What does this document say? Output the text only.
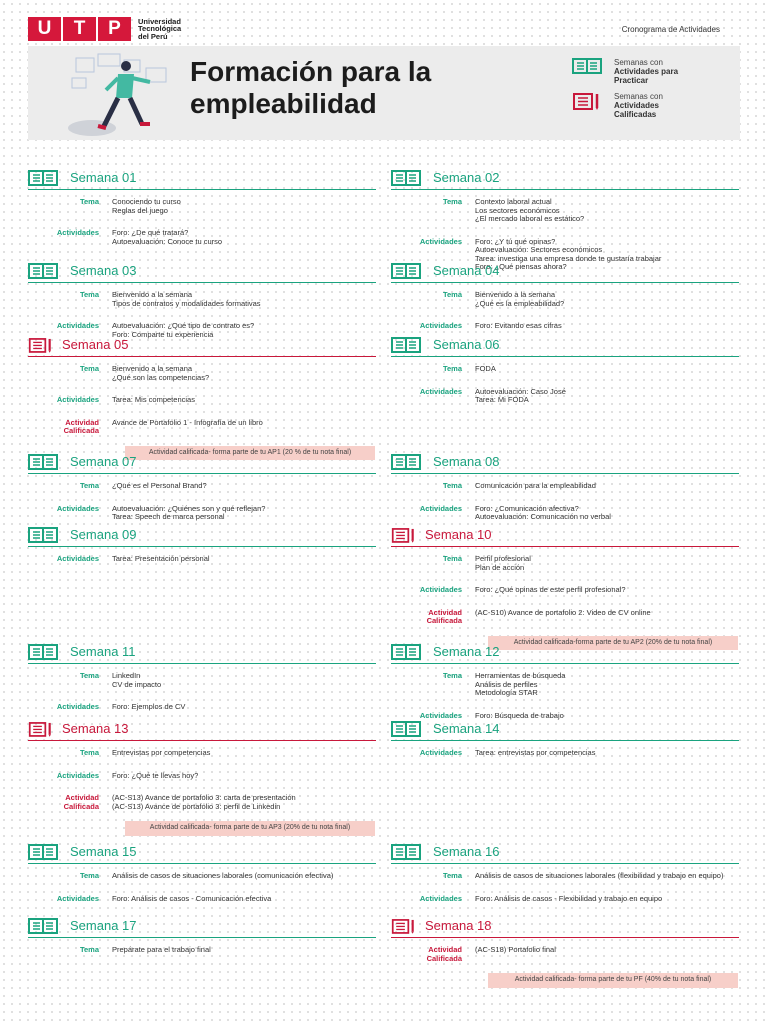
U	T	P	Universidad
Tecnológica
del Perú
Cronograma de Actividades
Formación para la
empleabilidad
Semanas con
Actividades para
Practicar
Semanas con
Actividades
Calificadas
Semana 01
Tema	Conociendo tu curso
Reglas del juego
Actividades	Foro: ¿De qué tratará?
Autoevaluación: Conoce tu curso
Semana 02
Tema	Contexto laboral actual
Los sectores económicos
¿El mercado laboral es estático?
Actividades	Foro: ¿Y tú qué opinas?
Autoevaluación: Sectores económicos
Tarea: investiga una empresa donde te gustaría trabajar
Foro: ¿Qué piensas ahora?
Semana 03
Tema	Bienvenido a la semana
Tipos de contratos y modalidades formativas
Actividades	Autoevaluación: ¿Qué tipo de contrato es?
Foro: Comparte tu experiencia
Semana 04
Tema	Bienvenido a la semana
¿Qué es la empleabilidad?
Actividades	Foro: Evitando esas cifras
Semana 05
Tema	Bienvenido a la semana
¿Qué son las competencias?
Actividades	Tarea: Mis competencias
Actividad Calificada
Avance de Portafolio 1 - Infografía de un libro
Actividad calificada- forma parte de tu AP1 (20 % de tu nota final)
Semana 06
Tema	FODA
Actividades	Autoevaluación: Caso José
Tarea: Mi FODA
Semana 07
Tema	¿Qué es el Personal Brand?
Actividades	Autoevaluación: ¿Quiénes son y qué reflejan?
Tarea: Speech de marca personal
Semana 08
Tema	Comunicación para la empleabilidad
Actividades	Foro: ¿Comunicación afectiva?
Autoevaluación: Comunicación no verbal
Semana 09
Actividades	Tarea: Presentación personal
Semana 10
Tema	Perfil profesional
Plan de acción
Actividades	Foro: ¿Qué opinas de este perfil profesional?
Actividad Calificada
(AC-S10) Avance de portafolio 2: Video de CV online
Actividad calificada-forma parte de tu AP2 (20% de tu nota final)
Semana 11
Tema	LinkedIn
CV de impacto
Actividades	Foro: Ejemplos de CV
Semana 12
Tema	Herramientas de búsqueda
Análisis de perfiles
Metodología STAR
Actividades	Foro: Búsqueda de trabajo
Semana 13
Tema	Entrevistas por competencias
Actividades	Foro: ¿Qué te llevas hoy?
Actividad Calificada
(AC-S13) Avance de portafolio 3: carta de presentación
(AC-S13) Avance de portafolio 3: perfil de Linkedin
Actividad calificada- forma parte de tu AP3 (20% de tu nota final)
Semana 14
Actividades	Tarea: entrevistas por competencias
Semana 15
Tema	Análisis de casos de situaciones laborales (comunicación efectiva)
Actividades	Foro: Análisis de casos - Comunicación efectiva
Semana 16
Tema	Análisis de casos de situaciones laborales (flexibilidad y trabajo en equipo)
Actividades	Foro: Análisis de casos - Flexibilidad y trabajo en equipo
Semana 17
Tema	Prepárate para el trabajo final
Semana 18
Actividad Calificada
(AC-S18) Portafolio final
Actividad calificada- forma parte de tu PF (40% de tu nota final)
